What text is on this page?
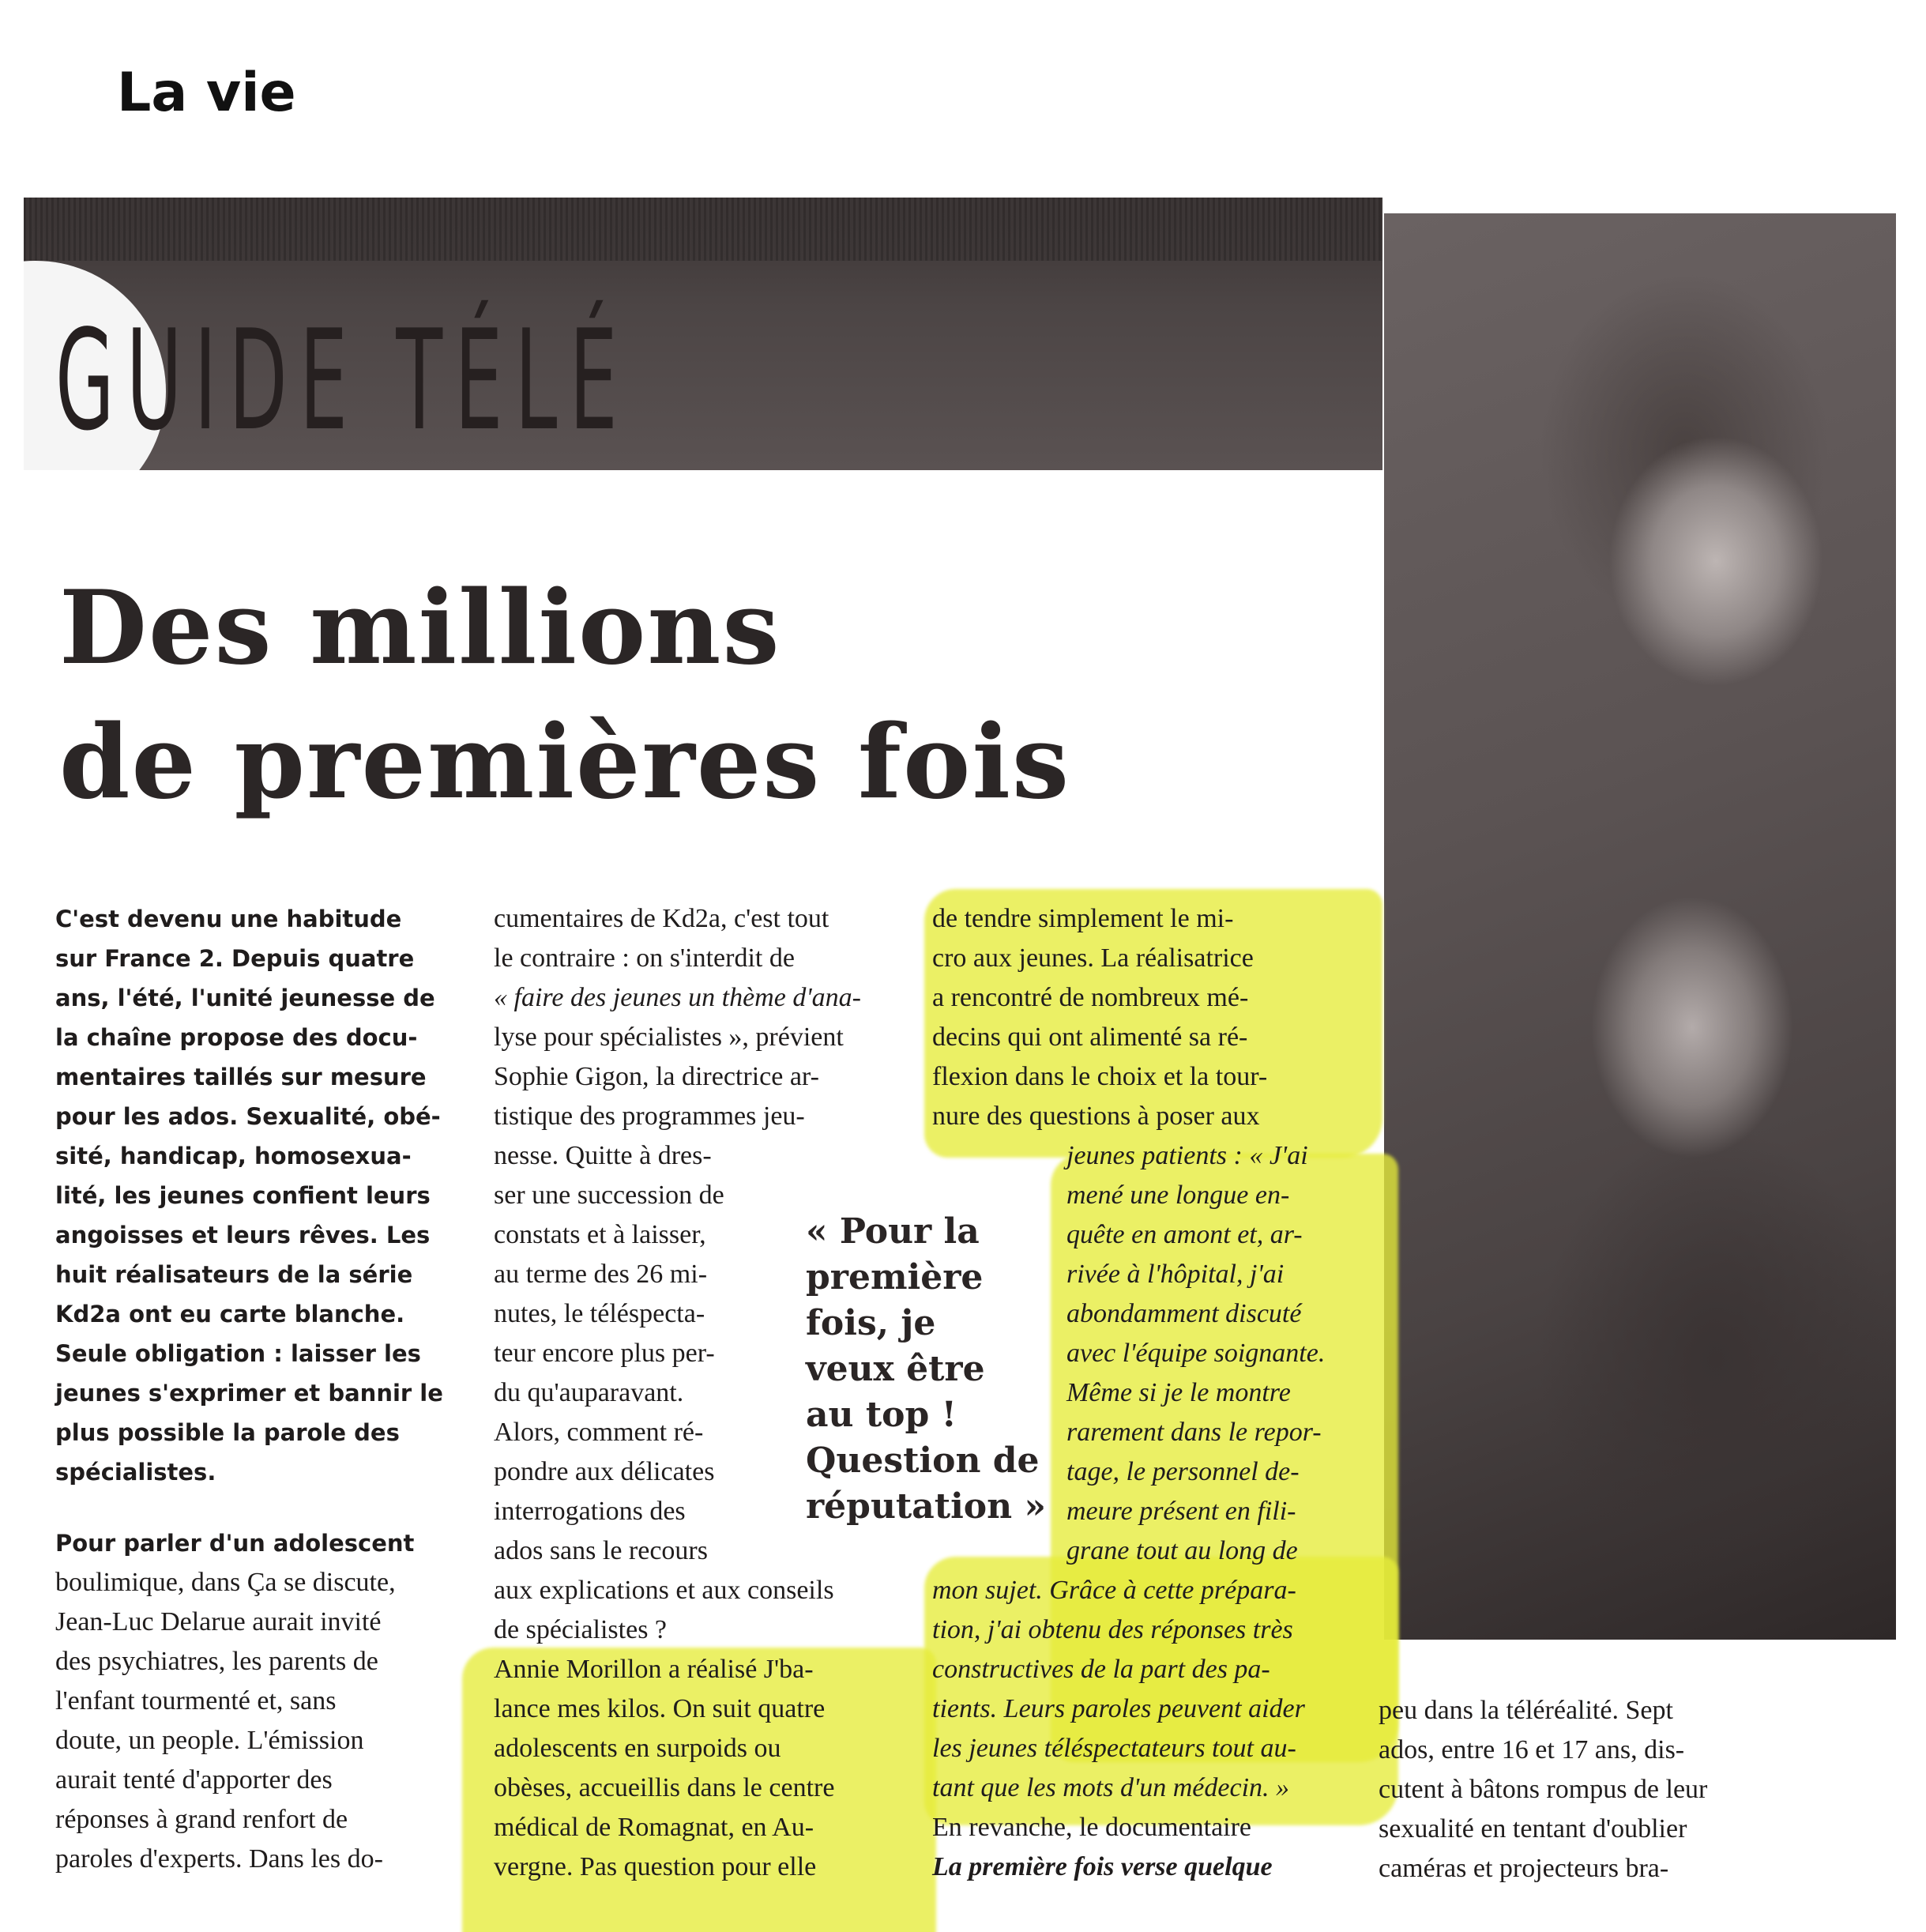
La vie
GUIDE TÉLÉ
Des millions
de premières fois

C'est devenu une habitude

sur France 2. Depuis quatre

ans, l'été, l'unité jeunesse de

la chaîne propose des docu-

mentaires taillés sur mesure

pour les ados. Sexualité, obé-

sité, handicap, homosexua-

lité, les jeunes confient leurs

angoisses et leurs rêves. Les

huit réalisateurs de la série

Kd2a ont eu carte blanche.

Seule obligation : laisser les

jeunes s'exprimer et bannir le

plus possible la parole des

spécialistes.

Pour parler d'un adolescent

boulimique, dans Ça se discute,

Jean-Luc Delarue aurait invité

des psychiatres, les parents de

l'enfant tourmenté et, sans

doute, un people. L'émission

aurait tenté d'apporter des

réponses à grand renfort de

paroles d'experts. Dans les do-

cumentaires de Kd2a, c'est tout

le contraire : on s'interdit de

« faire des jeunes un thème d'ana-

lyse pour spécialistes », prévient

Sophie Gigon, la directrice ar-

tistique des programmes jeu-

nesse. Quitte à dres-

ser une succession de

constats et à laisser,

au terme des 26 mi-

nutes, le téléspecta-

teur encore plus per-

du qu'auparavant.

Alors, comment ré-

pondre aux délicates

interrogations des

ados sans le recours

aux explications et aux conseils

de spécialistes ?

Annie Morillon a réalisé J'ba-

lance mes kilos. On suit quatre

adolescents en surpoids ou

obèses, accueillis dans le centre

médical de Romagnat, en Au-

vergne. Pas question pour elle

« Pour la

première

fois, je

veux être

au top !

Question de

réputation »

de tendre simplement le mi-

cro aux jeunes. La réalisatrice

a rencontré de nombreux mé-

decins qui ont alimenté sa ré-

flexion dans le choix et la tour-

nure des questions à poser aux

jeunes patients : « J'ai

mené une longue en-

quête en amont et, ar-

rivée à l'hôpital, j'ai

abondamment discuté

avec l'équipe soignante.

Même si je le montre

rarement dans le repor-

tage, le personnel de-

meure présent en fili-

grane tout au long de

mon sujet. Grâce à cette prépara-

tion, j'ai obtenu des réponses très

constructives de la part des pa-

tients. Leurs paroles peuvent aider

les jeunes téléspectateurs tout au-

tant que les mots d'un médecin. »

En revanche, le documentaire

La première fois verse quelque

peu dans la téléréalité. Sept

ados, entre 16 et 17 ans, dis-

cutent à bâtons rompus de leur

sexualité en tentant d'oublier

caméras et projecteurs bra-
